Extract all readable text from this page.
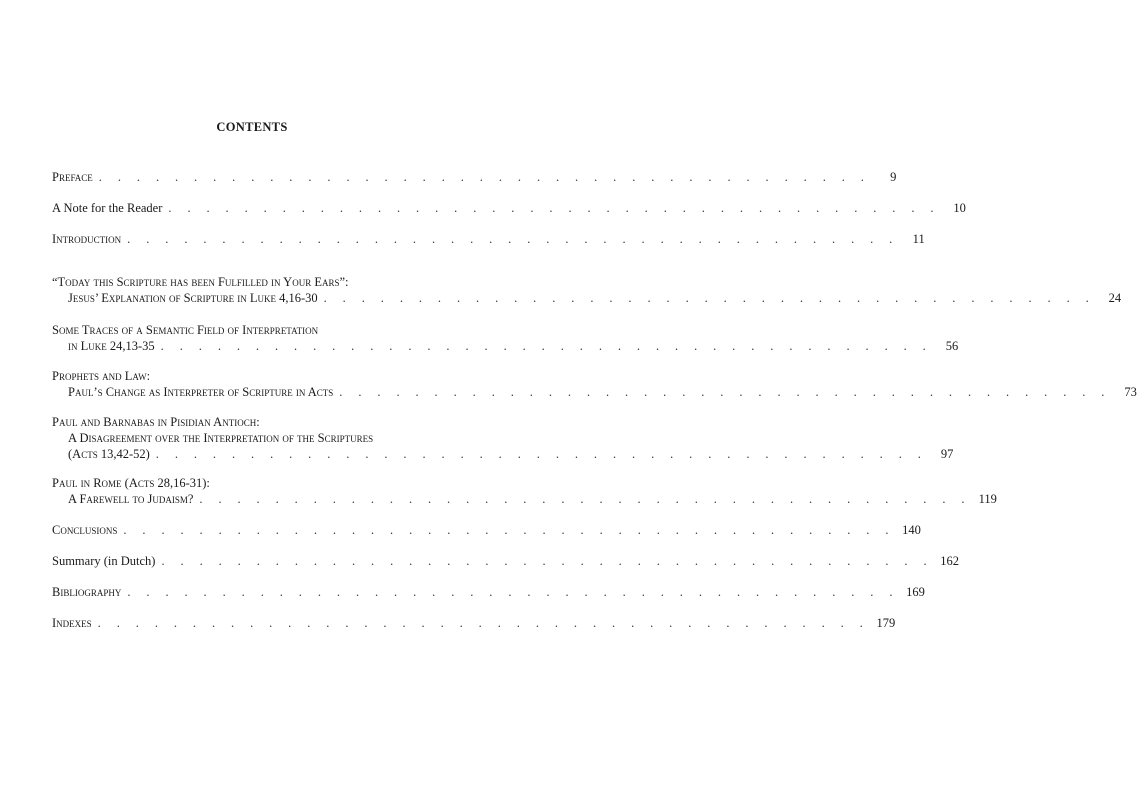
CONTENTS
Preface . . . . . . . . . . . . . . . . . . . . . . . . . . . . . . . . . . . . . . . . .	9
A Note for the Reader . . . . . . . . . . . . . . . . . . . . . . . . . . . . . . . . . . . . . . . . .	10
Introduction . . . . . . . . . . . . . . . . . . . . . . . . . . . . . . . . . . . . . . . . .	11
“Today this Scripture has been Fulfilled in Your Ears”:
Jesus’ Explanation of Scripture in Luke 4,16-30 . . . . . . . . . . . . . . . . . . . . . . . . . . . . . . . . . . . . . . . . .	24
Some Traces of a Semantic Field of Interpretation
in Luke 24,13-35 . . . . . . . . . . . . . . . . . . . . . . . . . . . . . . . . . . . . . . . . .	56
Prophets and Law:
Paul’s Change as Interpreter of Scripture in Acts . . . . . . . . . . . . . . . . . . . . . . . . . . . . . . . . . . . . . . . . .	73
Paul and Barnabas in Pisidian Antioch:
A Disagreement over the Interpretation of the Scriptures
(Acts 13,42-52) . . . . . . . . . . . . . . . . . . . . . . . . . . . . . . . . . . . . . . . . .	97
Paul in Rome (Acts 28,16-31):
A Farewell to Judaism? . . . . . . . . . . . . . . . . . . . . . . . . . . . . . . . . . . . . . . . . . 119
Conclusions . . . . . . . . . . . . . . . . . . . . . . . . . . . . . . . . . . . . . . . . . 140
Summary (in Dutch) . . . . . . . . . . . . . . . . . . . . . . . . . . . . . . . . . . . . . . . . . 162
Bibliography . . . . . . . . . . . . . . . . . . . . . . . . . . . . . . . . . . . . . . . . . 169
Indexes . . . . . . . . . . . . . . . . . . . . . . . . . . . . . . . . . . . . . . . . . 179
